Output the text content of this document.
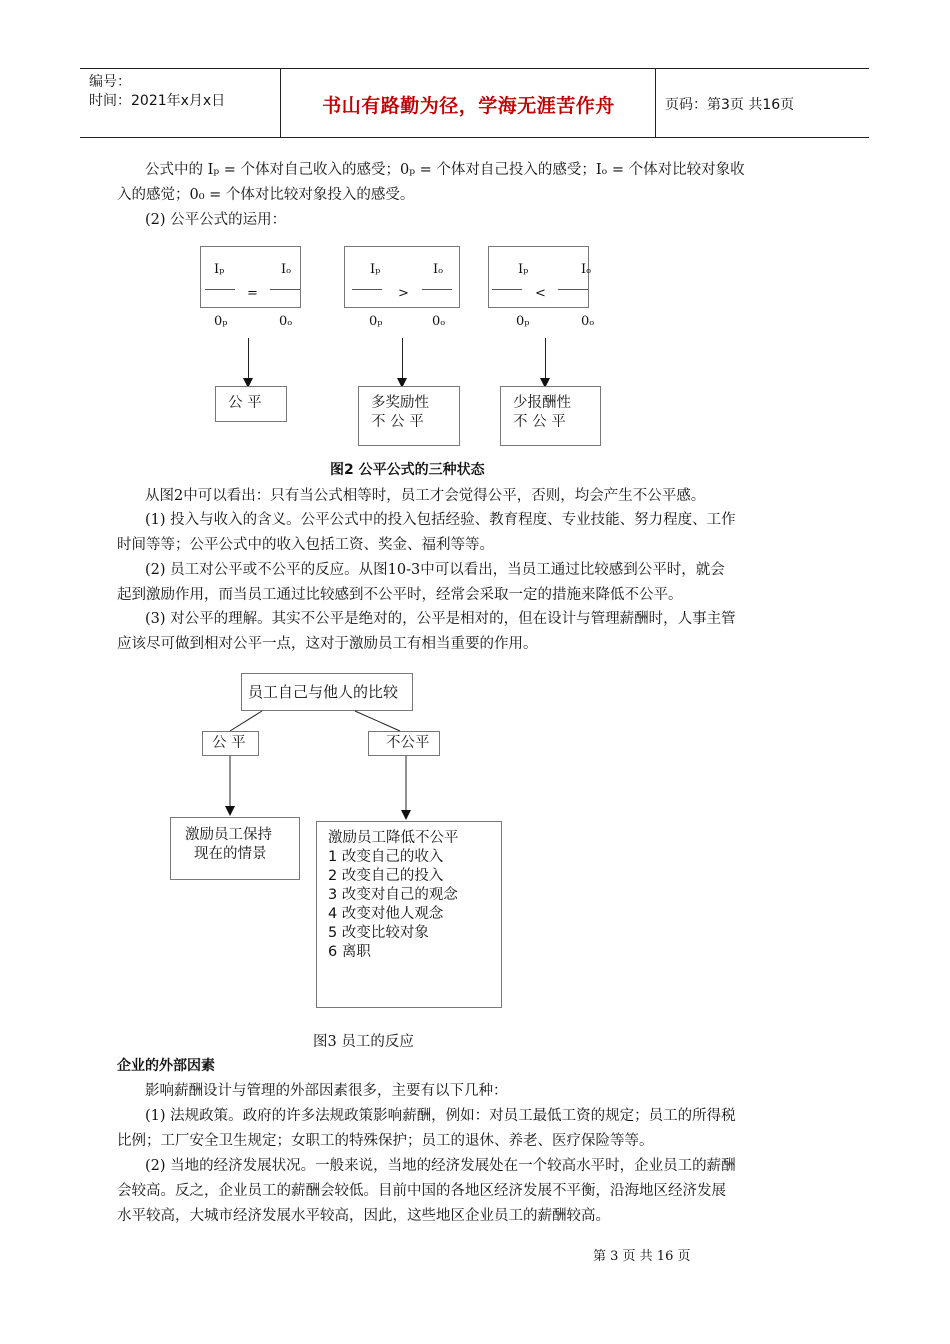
编号：
时间：2021年x月x日	书山有路勤为径，学海无涯苦作舟	页码：第3页 共16页
公式中的 Iₚ = 个体对自己收入的感受；0ₚ = 个体对自己投入的感受；Iₒ = 个体对比较对象收
入的感觉；0₀ = 个体对比较对象投入的感受。
(2) 公平公式的运用：
Iₚ	Iₒ
=
0ₚ	0ₒ
公 平
Iₚ	Iₒ
>
0ₚ	0ₒ
多奖励性
不 公 平
Iₚ	Iₒ
<
0ₚ	0ₒ
少报酬性
不 公 平
图2 公平公式的三种状态
从图2中可以看出：只有当公式相等时，员工才会觉得公平，否则，均会产生不公平感。
(1) 投入与收入的含义。公平公式中的投入包括经验、教育程度、专业技能、努力程度、工作
时间等等；公平公式中的收入包括工资、奖金、福利等等。
(2) 员工对公平或不公平的反应。从图10-3中可以看出，当员工通过比较感到公平时，就会
起到激励作用，而当员工通过比较感到不公平时，经常会采取一定的措施来降低不公平。
(3) 对公平的理解。其实不公平是绝对的，公平是相对的，但在设计与管理薪酬时，人事主管
应该尽可做到相对公平一点，这对于激励员工有相当重要的作用。
员工自己与他人的比较
公 平	不公平
激励员工保持
现在的情景
激励员工降低不公平
1 改变自己的收入
2 改变自己的投入
3 改变对自己的观念
4 改变对他人观念
5 改变比较对象
6 离职
图3 员工的反应
企业的外部因素
影响薪酬设计与管理的外部因素很多，主要有以下几种：
(1) 法规政策。政府的许多法规政策影响薪酬，例如：对员工最低工资的规定；员工的所得税
比例；工厂安全卫生规定；女职工的特殊保护；员工的退休、养老、医疗保险等等。
(2) 当地的经济发展状况。一般来说，当地的经济发展处在一个较高水平时，企业员工的薪酬
会较高。反之，企业员工的薪酬会较低。目前中国的各地区经济发展不平衡，沿海地区经济发展
水平较高，大城市经济发展水平较高，因此，这些地区企业员工的薪酬较高。
第 3 页 共 16 页
